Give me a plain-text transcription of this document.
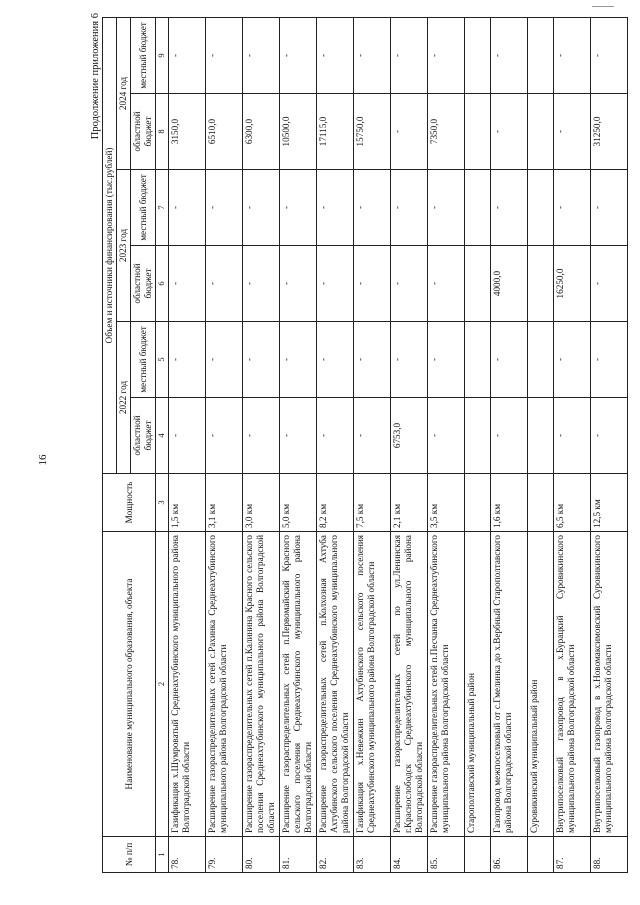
16
Продолжение приложения 6
№ п/п	Наименование муниципального образования, объекта	Мощность	Объем и источники финансирования (тыс.рублей)					
			2022 год		2023 год		2024 год	
			областной бюджет	местный бюджет	областной бюджет	местный бюджет	областной бюджет	местный бюджет
1	2	3	4	5	6	7	8	9
78.	Газификация х.Шумроватый Среднеахтубинского муниципального района Волгоградской области	1,5 км	-	-	-	-	3150,0	-
79.	Расширение газораспределительных сетей с.Рахинка Среднеахтубинского муниципального района Волгоградской области	3,1 км	-	-	-	-	6510,0	-
80.	Расширение газораспределительных сетей п.Калинина Красного сельского поселения Среднеахтубинского муниципального района Волгоградской области	3,0 км	-	-	-	-	6300,0	-
81.	Расширение газораспределительных сетей п.Первомайский Красного сельского поселения Среднеахтубинского муниципального района Волгоградской области	5,0 км	-	-	-	-	10500,0	-
82.	Расширение газораспределительных сетей п.Колхозная Ахтуба Ахтубинского сельского поселения Среднеахтубинского муниципального района Волгоградской области	8,2 км	-	-	-	-	17115,0	-
83.	Газификация х.Невежкин Ахтубинского сельского поселения Среднеахтубинского муниципального района Волгоградской области	7,5 км	-	-	-	-	15750,0	-
84.	Расширение газораспределительных сетей по ул.Ленинская г.Краснослободск Среднеахтубинского муниципального района Волгоградской области	2,1 км	6753,0	-	-	-	-	-
85.	Расширение газораспределительных сетей п.Песчанка Среднеахтубинского муниципального района Волгоградской области	3,5 км	-	-	-	-	7350,0	-
	Старополтавский муниципальный район							
86.	Газопровод межпоселковый от с.Гмелинка до х.Вербный Старополтавского района Волгоградской области	1,6 км	-	-	4000,0	-	-	-
	Суровикинский муниципальный район							
87.	Внутрипоселковый газопровод в х.Бурацкий Суровикинского муниципального района Волгоградской области	6,5 км	-	-	16250,0	-	-	-
88.	Внутрипоселковый газопровод в х.Новомаксимовский Суровикинского муниципального района Волгоградской области	12,5 км	-	-	-	-	31250,0	-
